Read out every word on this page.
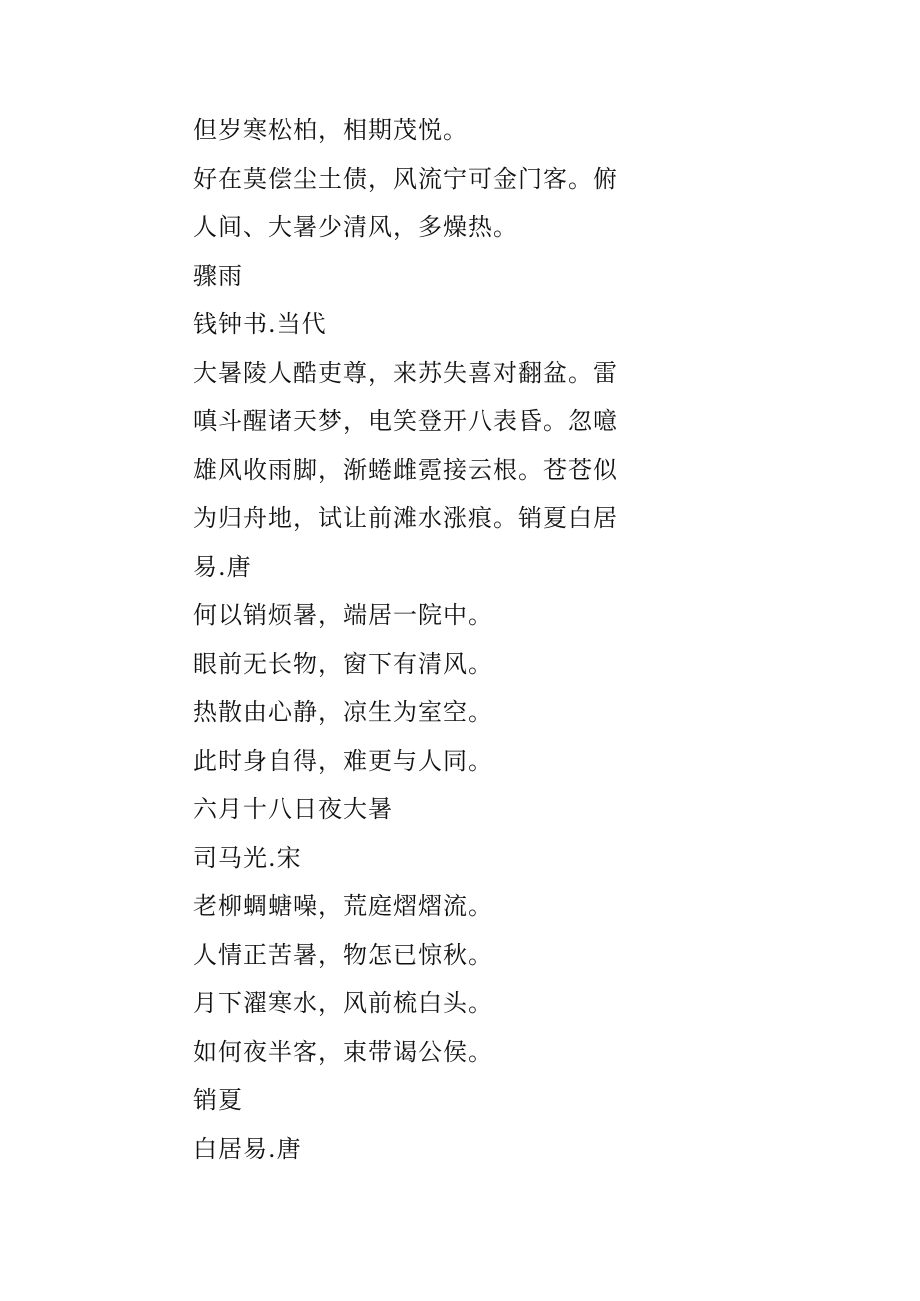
但岁寒松柏，相期茂悦。
好在莫偿尘土债，风流宁可金门客。俯
人间、大暑少清风，多燥热。
骤雨
钱钟书.当代
大暑陵人酷吏尊，来苏失喜对翻盆。雷
嗔斗醒诸天梦，电笑登开八表昏。忽噫
雄风收雨脚，渐蜷雌霓接云根。苍苍似
为归舟地，试让前滩水涨痕。销夏白居
易.唐
何以销烦暑，端居一院中。
眼前无长物，窗下有清风。
热散由心静，凉生为室空。
此时身自得，难更与人同。
六月十八日夜大暑
司马光.宋
老柳蜩螗噪，荒庭熠熠流。
人情正苦暑，物怎已惊秋。
月下濯寒水，风前梳白头。
如何夜半客，束带谒公侯。
销夏
白居易.唐
